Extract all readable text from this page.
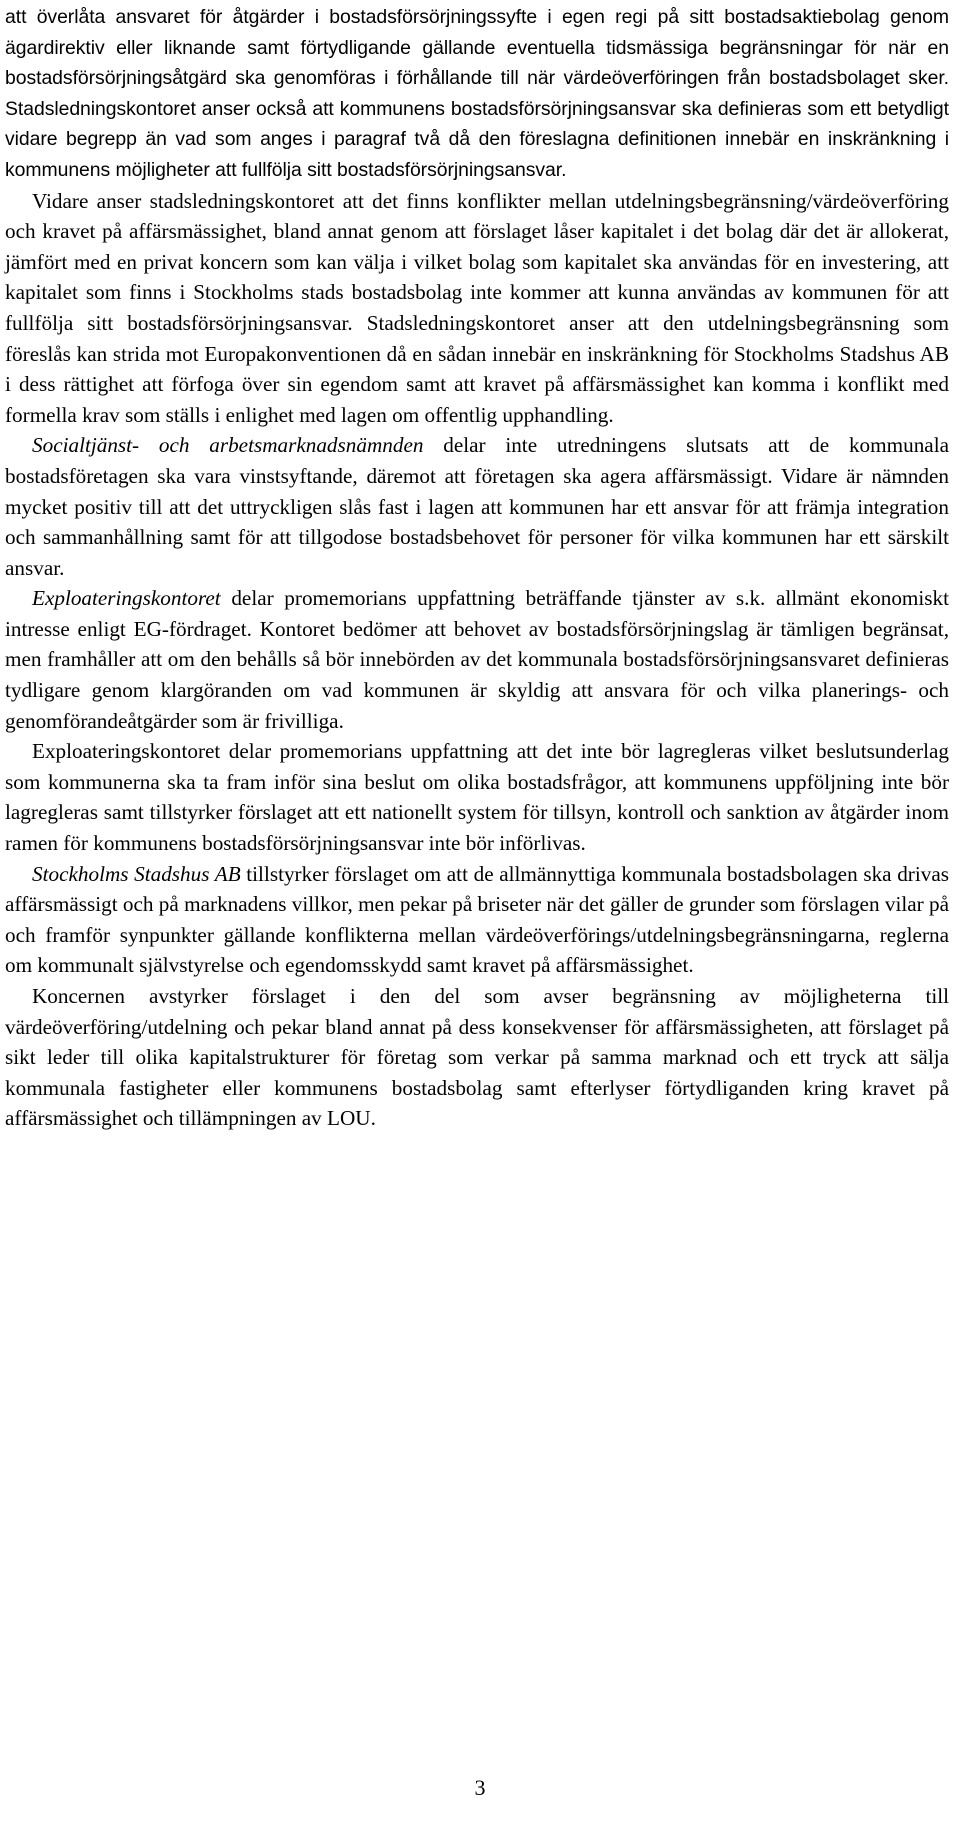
att överlåta ansvaret för åtgärder i bostadsförsörjningssyfte i egen regi på sitt bostadsaktiebolag genom ägardirektiv eller liknande samt förtydligande gällande eventuella tidsmässiga begränsningar för när en bostadsförsörjningsåtgärd ska genomföras i förhållande till när värdeöverföringen från bostadsbolaget sker. Stadsledningskontoret anser också att kommunens bostadsförsörjningsansvar ska definieras som ett betydligt vidare begrepp än vad som anges i paragraf två då den föreslagna definitionen innebär en inskränkning i kommunens möjligheter att fullfölja sitt bostadsförsörjningsansvar.

Vidare anser stadsledningskontoret att det finns konflikter mellan utdelningsbegränsning/värdeöverföring och kravet på affärsmässighet, bland annat genom att förslaget låser kapitalet i det bolag där det är allokerat, jämfört med en privat koncern som kan välja i vilket bolag som kapitalet ska användas för en investering, att kapitalet som finns i Stockholms stads bostadsbolag inte kommer att kunna användas av kommunen för att fullfölja sitt bostadsförsörjningsansvar. Stadsledningskontoret anser att den utdelningsbegränsning som föreslås kan strida mot Europakonventionen då en sådan innebär en inskränkning för Stockholms Stadshus AB i dess rättighet att förfoga över sin egendom samt att kravet på affärsmässighet kan komma i konflikt med formella krav som ställs i enlighet med lagen om offentlig upphandling.

Socialtjänst- och arbetsmarknadsnämnden delar inte utredningens slutsats att de kommunala bostadsföretagen ska vara vinstsyftande, däremot att företagen ska agera affärsmässigt. Vidare är nämnden mycket positiv till att det uttryckligen slås fast i lagen att kommunen har ett ansvar för att främja integration och sammanhållning samt för att tillgodose bostadsbehovet för personer för vilka kommunen har ett särskilt ansvar.

Exploateringskontoret delar promemorians uppfattning beträffande tjänster av s.k. allmänt ekonomiskt intresse enligt EG-fördraget. Kontoret bedömer att behovet av bostadsförsörjningslag är tämligen begränsat, men framhåller att om den behålls så bör innebörden av det kommunala bostadsförsörjningsansvaret definieras tydligare genom klargöranden om vad kommunen är skyldig att ansvara för och vilka planerings- och genomförandeåtgärder som är frivilliga.

Exploateringskontoret delar promemorians uppfattning att det inte bör lagregleras vilket beslutsunderlag som kommunerna ska ta fram inför sina beslut om olika bostadsfrågor, att kommunens uppföljning inte bör lagregleras samt tillstyrker förslaget att ett nationellt system för tillsyn, kontroll och sanktion av åtgärder inom ramen för kommunens bostadsförsörjningsansvar inte bör införlivas.

Stockholms Stadshus AB tillstyrker förslaget om att de allmännyttiga kommunala bostadsbolagen ska drivas affärsmässigt och på marknadens villkor, men pekar på briseter när det gäller de grunder som förslagen vilar på och framför synpunkter gällande konflikterna mellan värdeöverförings/utdelningsbegränsningarna, reglerna om kommunalt självstyrelse och egendomsskydd samt kravet på affärsmässighet.

Koncernen avstyrker förslaget i den del som avser begränsning av möjligheterna till värdeöverföring/utdelning och pekar bland annat på dess konsekvenser för affärsmässigheten, att förslaget på sikt leder till olika kapitalstrukturer för företag som verkar på samma marknad och ett tryck att sälja kommunala fastigheter eller kommunens bostadsbolag samt efterlyser förtydliganden kring kravet på affärsmässighet och tillämpningen av LOU.

3
